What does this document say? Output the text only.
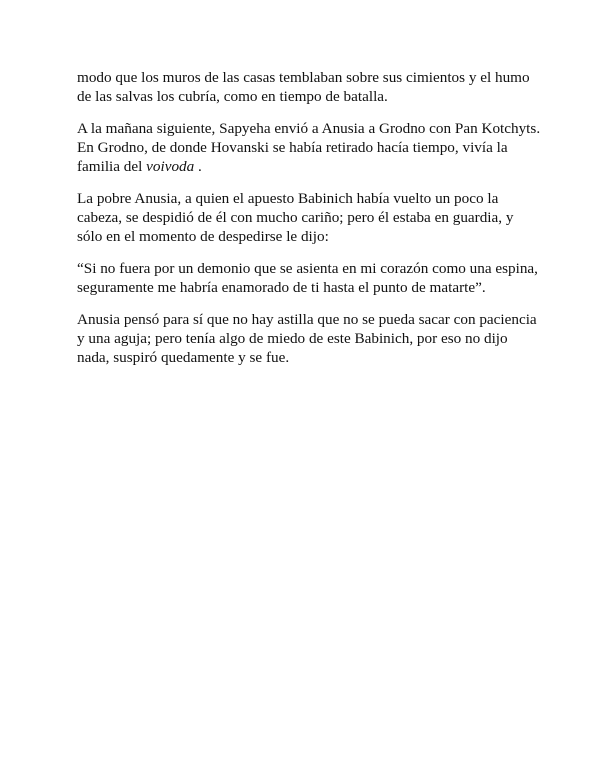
modo que los muros de las casas temblaban sobre sus cimientos y el humo
de las salvas los cubría, como en tiempo de batalla.

A la mañana siguiente, Sapyeha envió a Anusia a Grodno con Pan Kotchyts.
En Grodno, de donde Hovanski se había retirado hacía tiempo, vivía la
familia del voivoda .

La pobre Anusia, a quien el apuesto Babinich había vuelto un poco la
cabeza, se despidió de él con mucho cariño; pero él estaba en guardia, y
sólo en el momento de despedirse le dijo:

“Si no fuera por un demonio que se asienta en mi corazón como una espina,
seguramente me habría enamorado de ti hasta el punto de matarte”.

Anusia pensó para sí que no hay astilla que no se pueda sacar con paciencia
y una aguja; pero tenía algo de miedo de este Babinich, por eso no dijo
nada, suspiró quedamente y se fue.
